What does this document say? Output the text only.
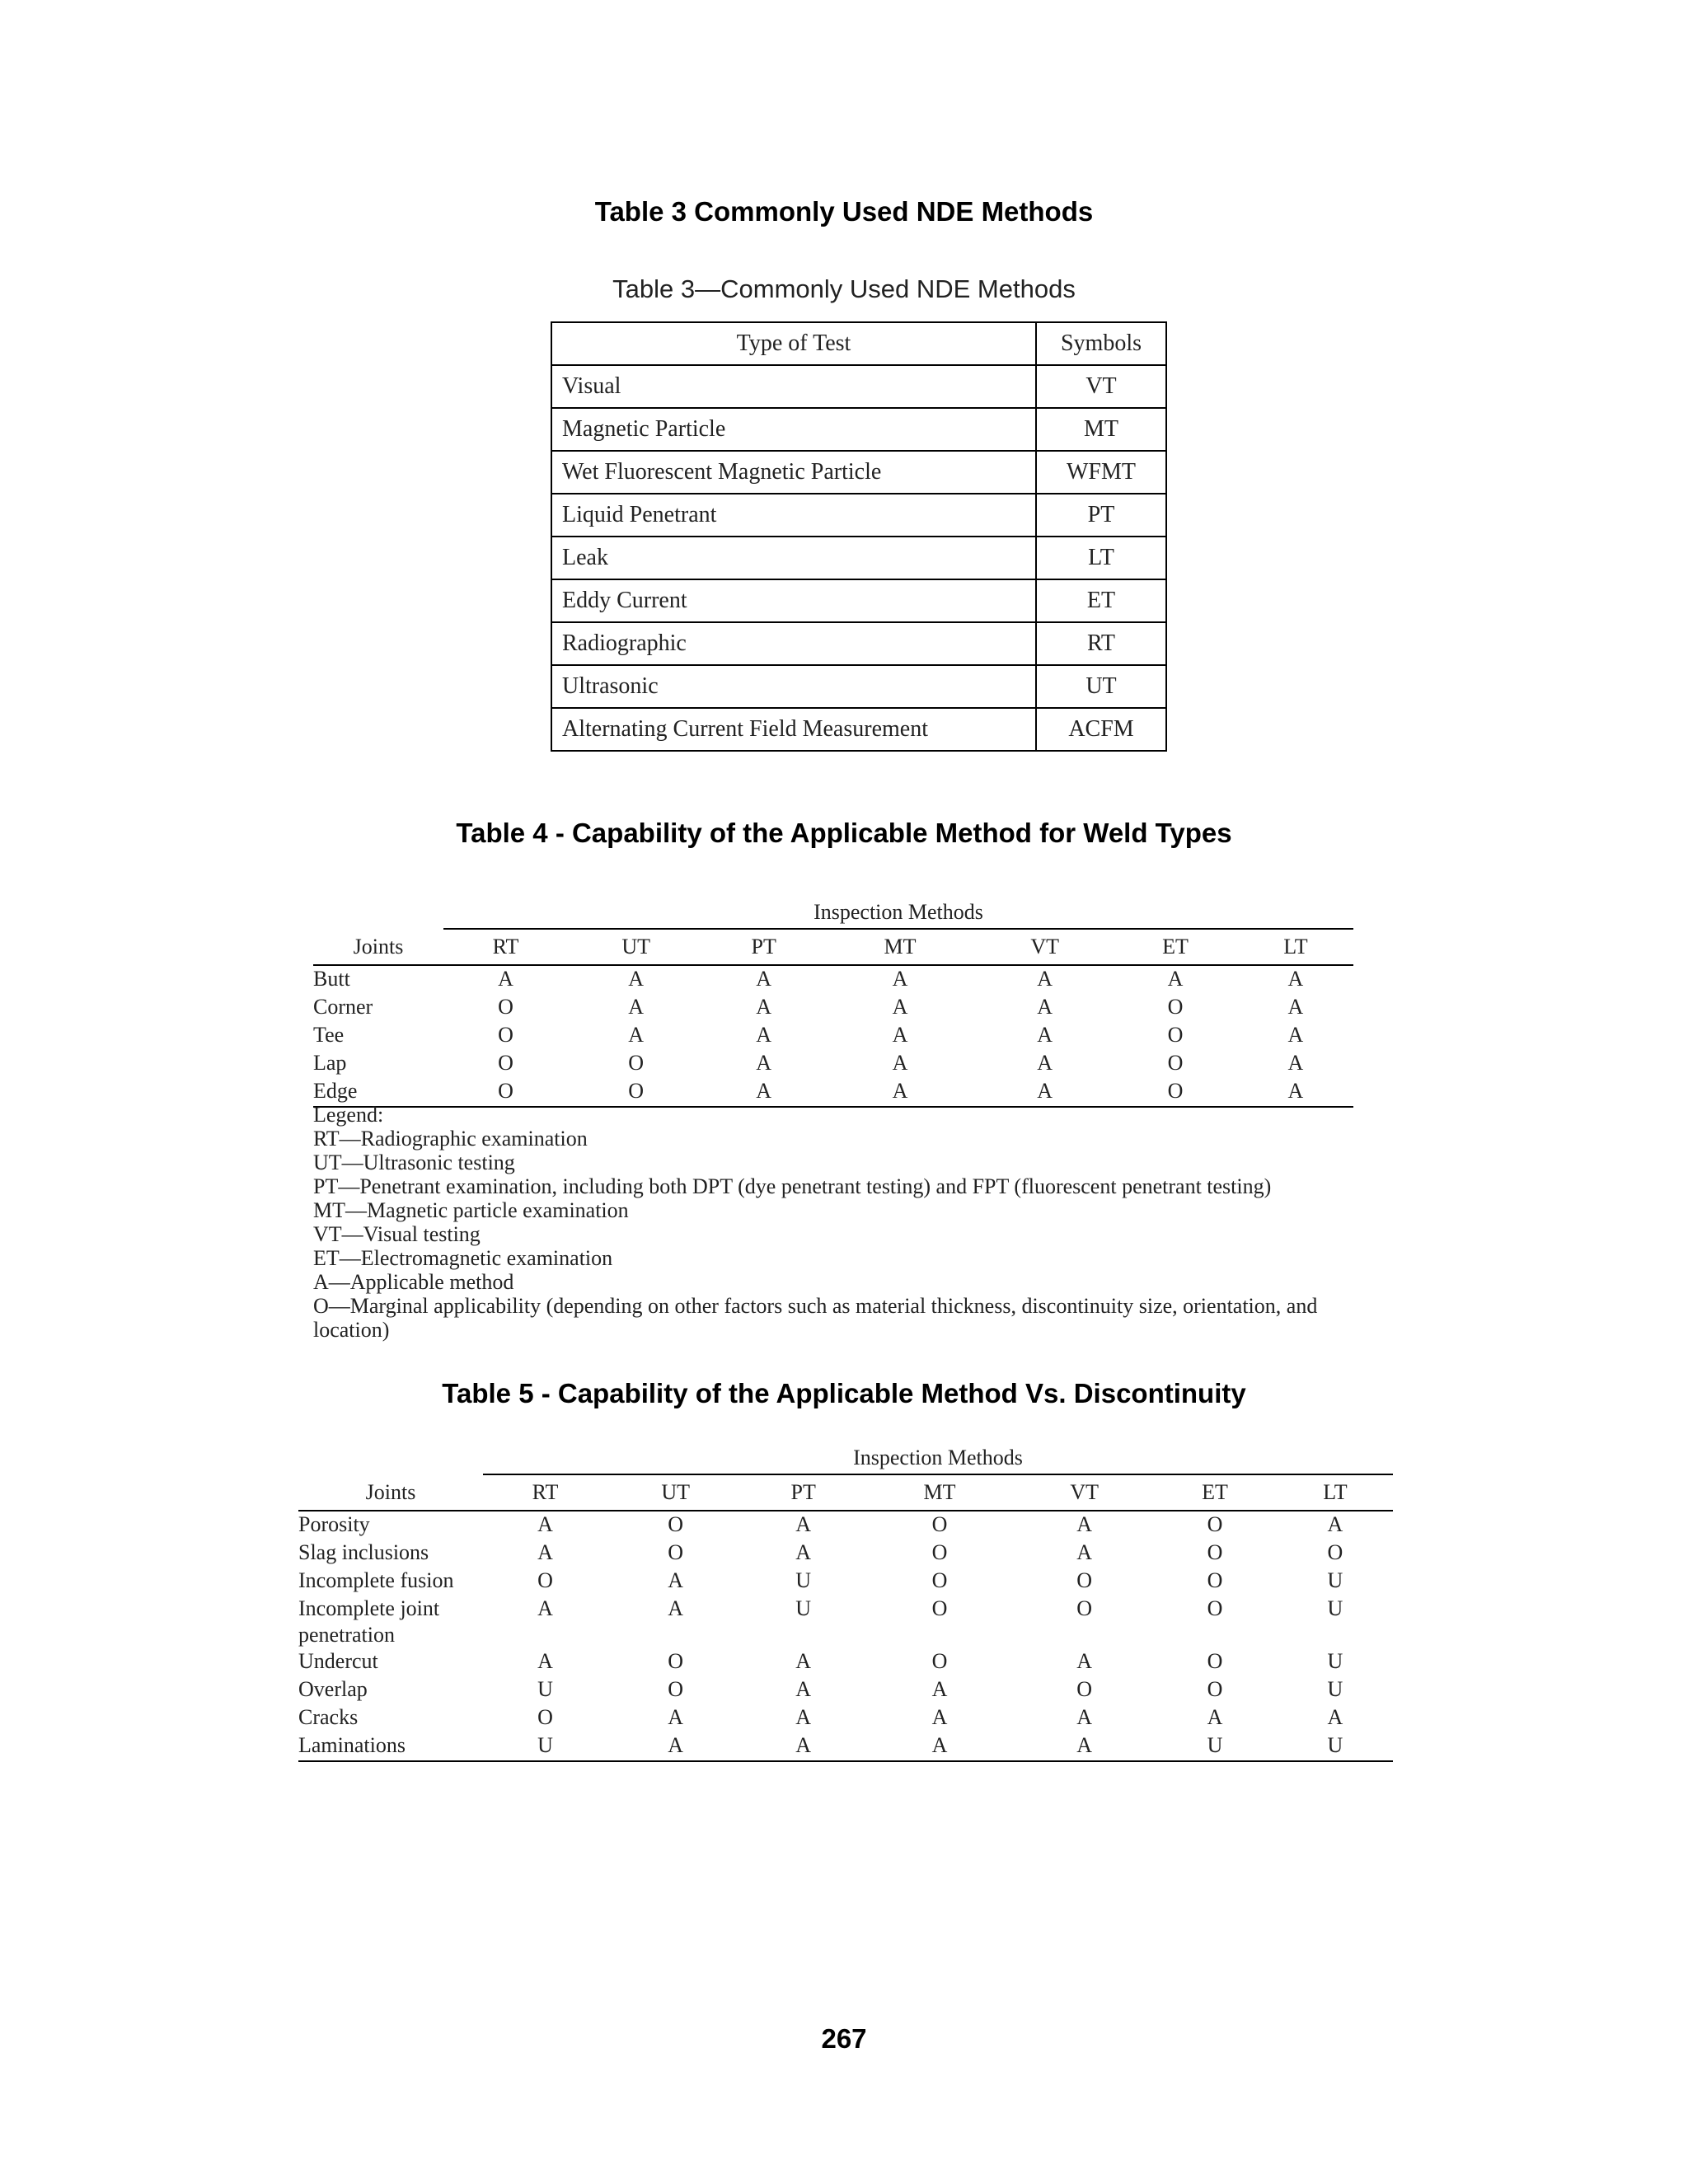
Table 3 Commonly Used NDE Methods
Table 3—Commonly Used NDE Methods
Type of Test	Symbols
Visual	VT
Magnetic Particle	MT
Wet Fluorescent Magnetic Particle	WFMT
Liquid Penetrant	PT
Leak	LT
Eddy Current	ET
Radiographic	RT
Ultrasonic	UT
Alternating Current Field Measurement	ACFM
Table 4 - Capability of the Applicable Method for Weld Types
	Inspection Methods						
Joints	RT	UT	PT	MT	VT	ET	LT
Butt	A	A	A	A	A	A	A
Corner	O	A	A	A	A	O	A
Tee	O	A	A	A	A	O	A
Lap	O	O	A	A	A	O	A
Edge	O	O	A	A	A	O	A
Legend:
RT—Radiographic examination
UT—Ultrasonic testing
PT—Penetrant examination, including both DPT (dye penetrant testing) and FPT (fluorescent penetrant testing)
MT—Magnetic particle examination
VT—Visual testing
ET—Electromagnetic examination
A—Applicable method
O—Marginal applicability (depending on other factors such as material thickness, discontinuity size, orientation, and location)
Table 5 - Capability of the Applicable Method Vs. Discontinuity
	Inspection Methods						
Joints	RT	UT	PT	MT	VT	ET	LT
Porosity	A	O	A	O	A	O	A
Slag inclusions	A	O	A	O	A	O	O
Incomplete fusion	O	A	U	O	O	O	U
Incomplete joint penetration	A	A	U	O	O	O	U
Undercut	A	O	A	O	A	O	U
Overlap	U	O	A	A	O	O	U
Cracks	O	A	A	A	A	A	A
Laminations	U	A	A	A	A	U	U
267
